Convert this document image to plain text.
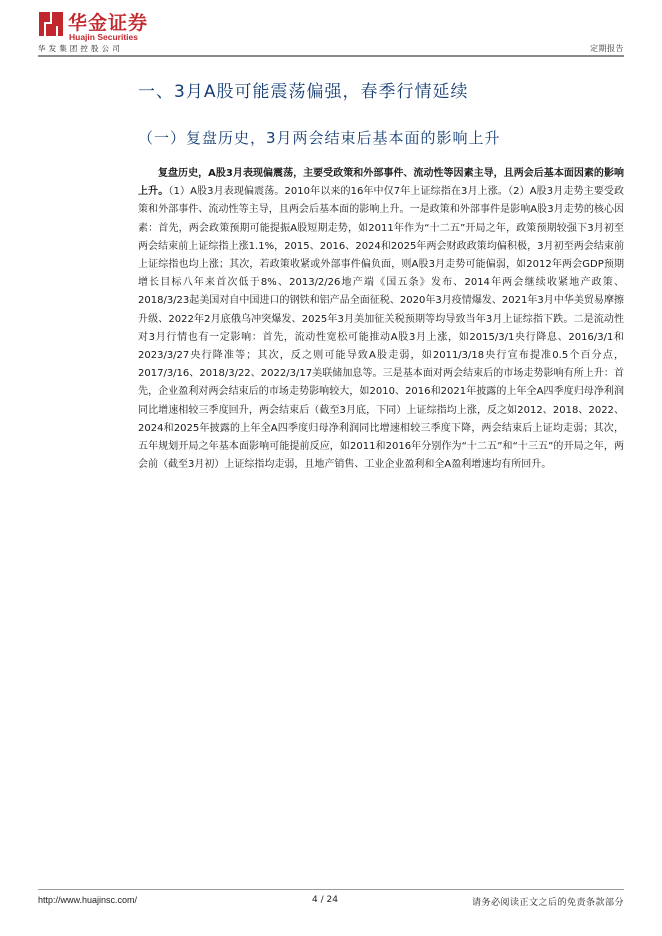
华金证券
Huajin Securities
华发集团控股公司	定期报告
一、3月A股可能震荡偏强，春季行情延续
（一）复盘历史，3月两会结束后基本面的影响上升

复盘历史，A股3月表现偏震荡，主要受政策和外部事件、流动性等因素主导，且两会后基本面因素的影响上升。（1）A股3月表现偏震荡。2010年以来的16年中仅7年上证综指在3月上涨。（2）A股3月走势主要受政策和外部事件、流动性等主导，且两会后基本面的影响上升。一是政策和外部事件是影响A股3月走势的核心因素：首先，两会政策预期可能提振A股短期走势，如2011年作为“十二五”开局之年，政策预期较强下3月初至两会结束前上证综指上涨1.1%，2015、2016、2024和2025年两会财政政策均偏积极，3月初至两会结束前上证综指也均上涨；其次，若政策收紧或外部事件偏负面，则A股3月走势可能偏弱，如2012年两会GDP预期增长目标八年来首次低于8%、2013/2/26地产端《国五条》发布、2014年两会继续收紧地产政策、2018/3/23起美国对自中国进口的钢铁和铝产品全面征税、2020年3月疫情爆发、2021年3月中华美贸易摩擦升级、2022年2月底俄乌冲突爆发、2025年3月美加征关税预期等均导致当年3月上证综指下跌。二是流动性对3月行情也有一定影响：首先，流动性宽松可能推动A股3月上涨，如2015/3/1央行降息、2016/3/1和2023/3/27央行降准等；其次，反之则可能导致A股走弱，如2011/3/18央行宣布提准0.5个百分点，2017/3/16、2018/3/22、2022/3/17美联储加息等。三是基本面对两会结束后的市场走势影响有所上升：首先，企业盈利对两会结束后的市场走势影响较大，如2010、2016和2021年披露的上年全A四季度归母净利润同比增速相较三季度回升，两会结束后（截至3月底，下同）上证综指均上涨，反之如2012、2018、2022、2024和2025年披露的上年全A四季度归母净利润同比增速相较三季度下降，两会结束后上证均走弱；其次，五年规划开局之年基本面影响可能提前反应，如2011和2016年分别作为“十二五”和“十三五”的开局之年，两会前（截至3月初）上证综指均走弱，且地产销售、工业企业盈利和全A盈利增速均有所回升。

http://www.huajinsc.com/	4 / 24	请务必阅读正文之后的免责条款部分
